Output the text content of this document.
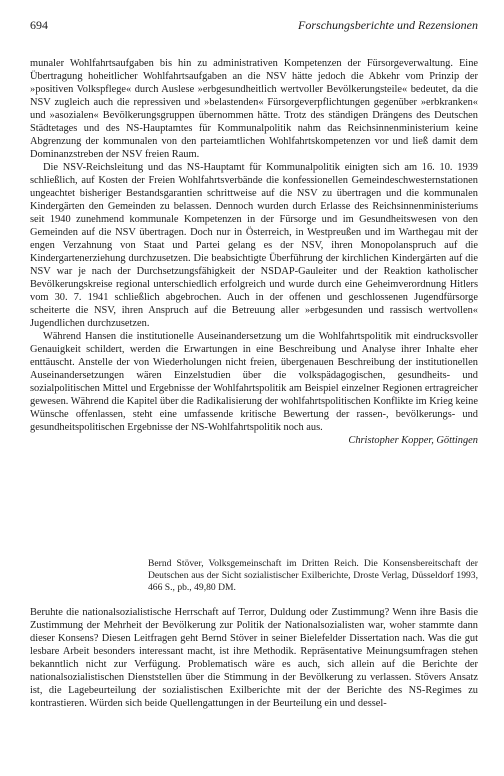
694	Forschungsberichte und Rezensionen

munaler Wohlfahrtsaufgaben bis hin zu administrativen Kompetenzen der Fürsorgeverwaltung. Eine Übertragung hoheitlicher Wohlfahrtsaufgaben an die NSV hätte jedoch die Abkehr vom Prinzip der »positiven Volkspflege« durch Auslese »erbgesundheitlich wertvoller Bevölkerungsteile« bedeutet, da die NSV zugleich auch die repressiven und »belastenden« Fürsorgeverpflichtungen gegenüber »erbkranken« und »asozialen« Bevölkerungsgruppen übernommen hätte. Trotz des ständigen Drängens des Deutschen Städtetages und des NS-Hauptamtes für Kommunalpolitik nahm das Reichsinnenministerium keine Abgrenzung der kommunalen von den parteiamtlichen Wohlfahrtskompetenzen vor und ließ damit dem Dominanzstreben der NSV freien Raum.

Die NSV-Reichsleitung und das NS-Hauptamt für Kommunalpolitik einigten sich am 16. 10. 1939 schließlich, auf Kosten der Freien Wohlfahrtsverbände die konfessionellen Gemeindeschwesternstationen ungeachtet bisheriger Bestandsgarantien schrittweise auf die NSV zu übertragen und die kommunalen Kindergärten den Gemeinden zu belassen. Dennoch wurden durch Erlasse des Reichsinnenministeriums seit 1940 zunehmend kommunale Kompetenzen in der Fürsorge und im Gesundheitswesen von den Gemeinden auf die NSV übertragen. Doch nur in Österreich, in Westpreußen und im Warthegau mit der engen Verzahnung von Staat und Partei gelang es der NSV, ihren Monopolanspruch auf die Kindergartenerziehung durchzusetzen. Die beabsichtigte Überführung der kirchlichen Kindergärten auf die NSV war je nach der Durchsetzungsfähigkeit der NSDAP-Gauleiter und der Reaktion katholischer Bevölkerungskreise regional unterschiedlich erfolgreich und wurde durch eine Geheimverordnung Hitlers vom 30. 7. 1941 schließlich abgebrochen. Auch in der offenen und geschlossenen Jugendfürsorge scheiterte die NSV, ihren Anspruch auf die Betreuung aller »erbgesunden und rassisch wertvollen« Jugendlichen durchzusetzen.

Während Hansen die institutionelle Auseinandersetzung um die Wohlfahrtspolitik mit eindrucksvoller Genauigkeit schildert, werden die Erwartungen in eine Beschreibung und Analyse ihrer Inhalte eher enttäuscht. Anstelle der von Wiederholungen nicht freien, übergenauen Beschreibung der institutionellen Auseinandersetzungen wären Einzelstudien über die volkspädagogischen, gesundheits- und sozialpolitischen Mittel und Ergebnisse der Wohlfahrtspolitik am Beispiel einzelner Regionen ertragreicher gewesen. Während die Kapitel über die Radikalisierung der wohlfahrtspolitischen Konflikte im Krieg keine Wünsche offenlassen, steht eine umfassende kritische Bewertung der rassen-, bevölkerungs- und gesundheitspolitischen Ergebnisse der NS-Wohlfahrtspolitik noch aus.

Christopher Kopper, Göttingen
Bernd Stöver, Volksgemeinschaft im Dritten Reich. Die Konsensbereitschaft der Deutschen aus der Sicht sozialistischer Exilberichte, Droste Verlag, Düsseldorf 1993, 466 S., pb., 49,80 DM.

Beruhte die nationalsozialistische Herrschaft auf Terror, Duldung oder Zustimmung? Wenn ihre Basis die Zustimmung der Mehrheit der Bevölkerung zur Politik der Nationalsozialisten war, woher stammte dann dieser Konsens? Diesen Leitfragen geht Bernd Stöver in seiner Bielefelder Dissertation nach. Was die gut lesbare Arbeit besonders interessant macht, ist ihre Methodik. Repräsentative Meinungsumfragen stehen bekanntlich nicht zur Verfügung. Problematisch wäre es auch, sich allein auf die Berichte der nationalsozialistischen Dienststellen über die Stimmung in der Bevölkerung zu verlassen. Stövers Ansatz ist, die Lagebeurteilung der sozialistischen Exilberichte mit der der Berichte des NS-Regimes zu kontrastieren. Würden sich beide Quellengattungen in der Beurteilung ein und dessel-
